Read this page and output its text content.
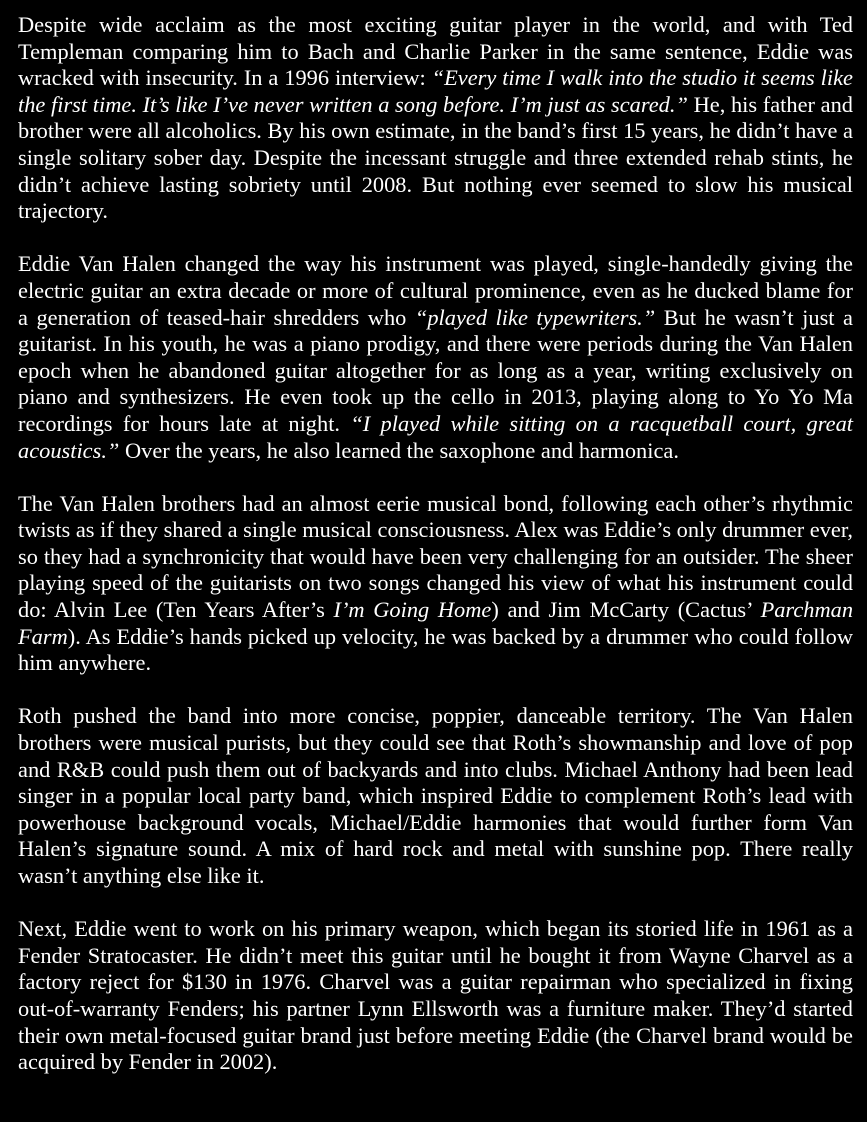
Despite wide acclaim as the most exciting guitar player in the world, and with Ted Templeman comparing him to Bach and Charlie Parker in the same sentence, Eddie was wracked with insecurity. In a 1996 interview: “Every time I walk into the studio it seems like the first time. It’s like I’ve never written a song before. I’m just as scared.” He, his father and brother were all alcoholics. By his own estimate, in the band’s first 15 years, he didn’t have a single solitary sober day. Despite the incessant struggle and three extended rehab stints, he didn’t achieve lasting sobriety until 2008. But nothing ever seemed to slow his musical trajectory.

Eddie Van Halen changed the way his instrument was played, single-handedly giving the electric guitar an extra decade or more of cultural prominence, even as he ducked blame for a generation of teased-hair shredders who “played like typewriters.” But he wasn’t just a guitarist. In his youth, he was a piano prodigy, and there were periods during the Van Halen epoch when he abandoned guitar altogether for as long as a year, writing exclusively on piano and synthesizers. He even took up the cello in 2013, playing along to Yo Yo Ma recordings for hours late at night. “I played while sitting on a racquetball court, great acoustics.” Over the years, he also learned the saxophone and harmonica.

The Van Halen brothers had an almost eerie musical bond, following each other’s rhythmic twists as if they shared a single musical consciousness. Alex was Eddie’s only drummer ever, so they had a synchronicity that would have been very challenging for an outsider. The sheer playing speed of the guitarists on two songs changed his view of what his instrument could do: Alvin Lee (Ten Years After’s I’m Going Home) and Jim McCarty (Cactus’ Parchman Farm). As Eddie’s hands picked up velocity, he was backed by a drummer who could follow him anywhere.

Roth pushed the band into more concise, poppier, danceable territory. The Van Halen brothers were musical purists, but they could see that Roth’s showmanship and love of pop and R&B could push them out of backyards and into clubs. Michael Anthony had been lead singer in a popular local party band, which inspired Eddie to complement Roth’s lead with powerhouse background vocals, Michael/Eddie harmonies that would further form Van Halen’s signature sound. A mix of hard rock and metal with sunshine pop. There really wasn’t anything else like it.

Next, Eddie went to work on his primary weapon, which began its storied life in 1961 as a Fender Stratocaster. He didn’t meet this guitar until he bought it from Wayne Charvel as a factory reject for $130 in 1976. Charvel was a guitar repairman who specialized in fixing out-of-warranty Fenders; his partner Lynn Ellsworth was a furniture maker. They’d started their own metal-focused guitar brand just before meeting Eddie (the Charvel brand would be acquired by Fender in 2002).
